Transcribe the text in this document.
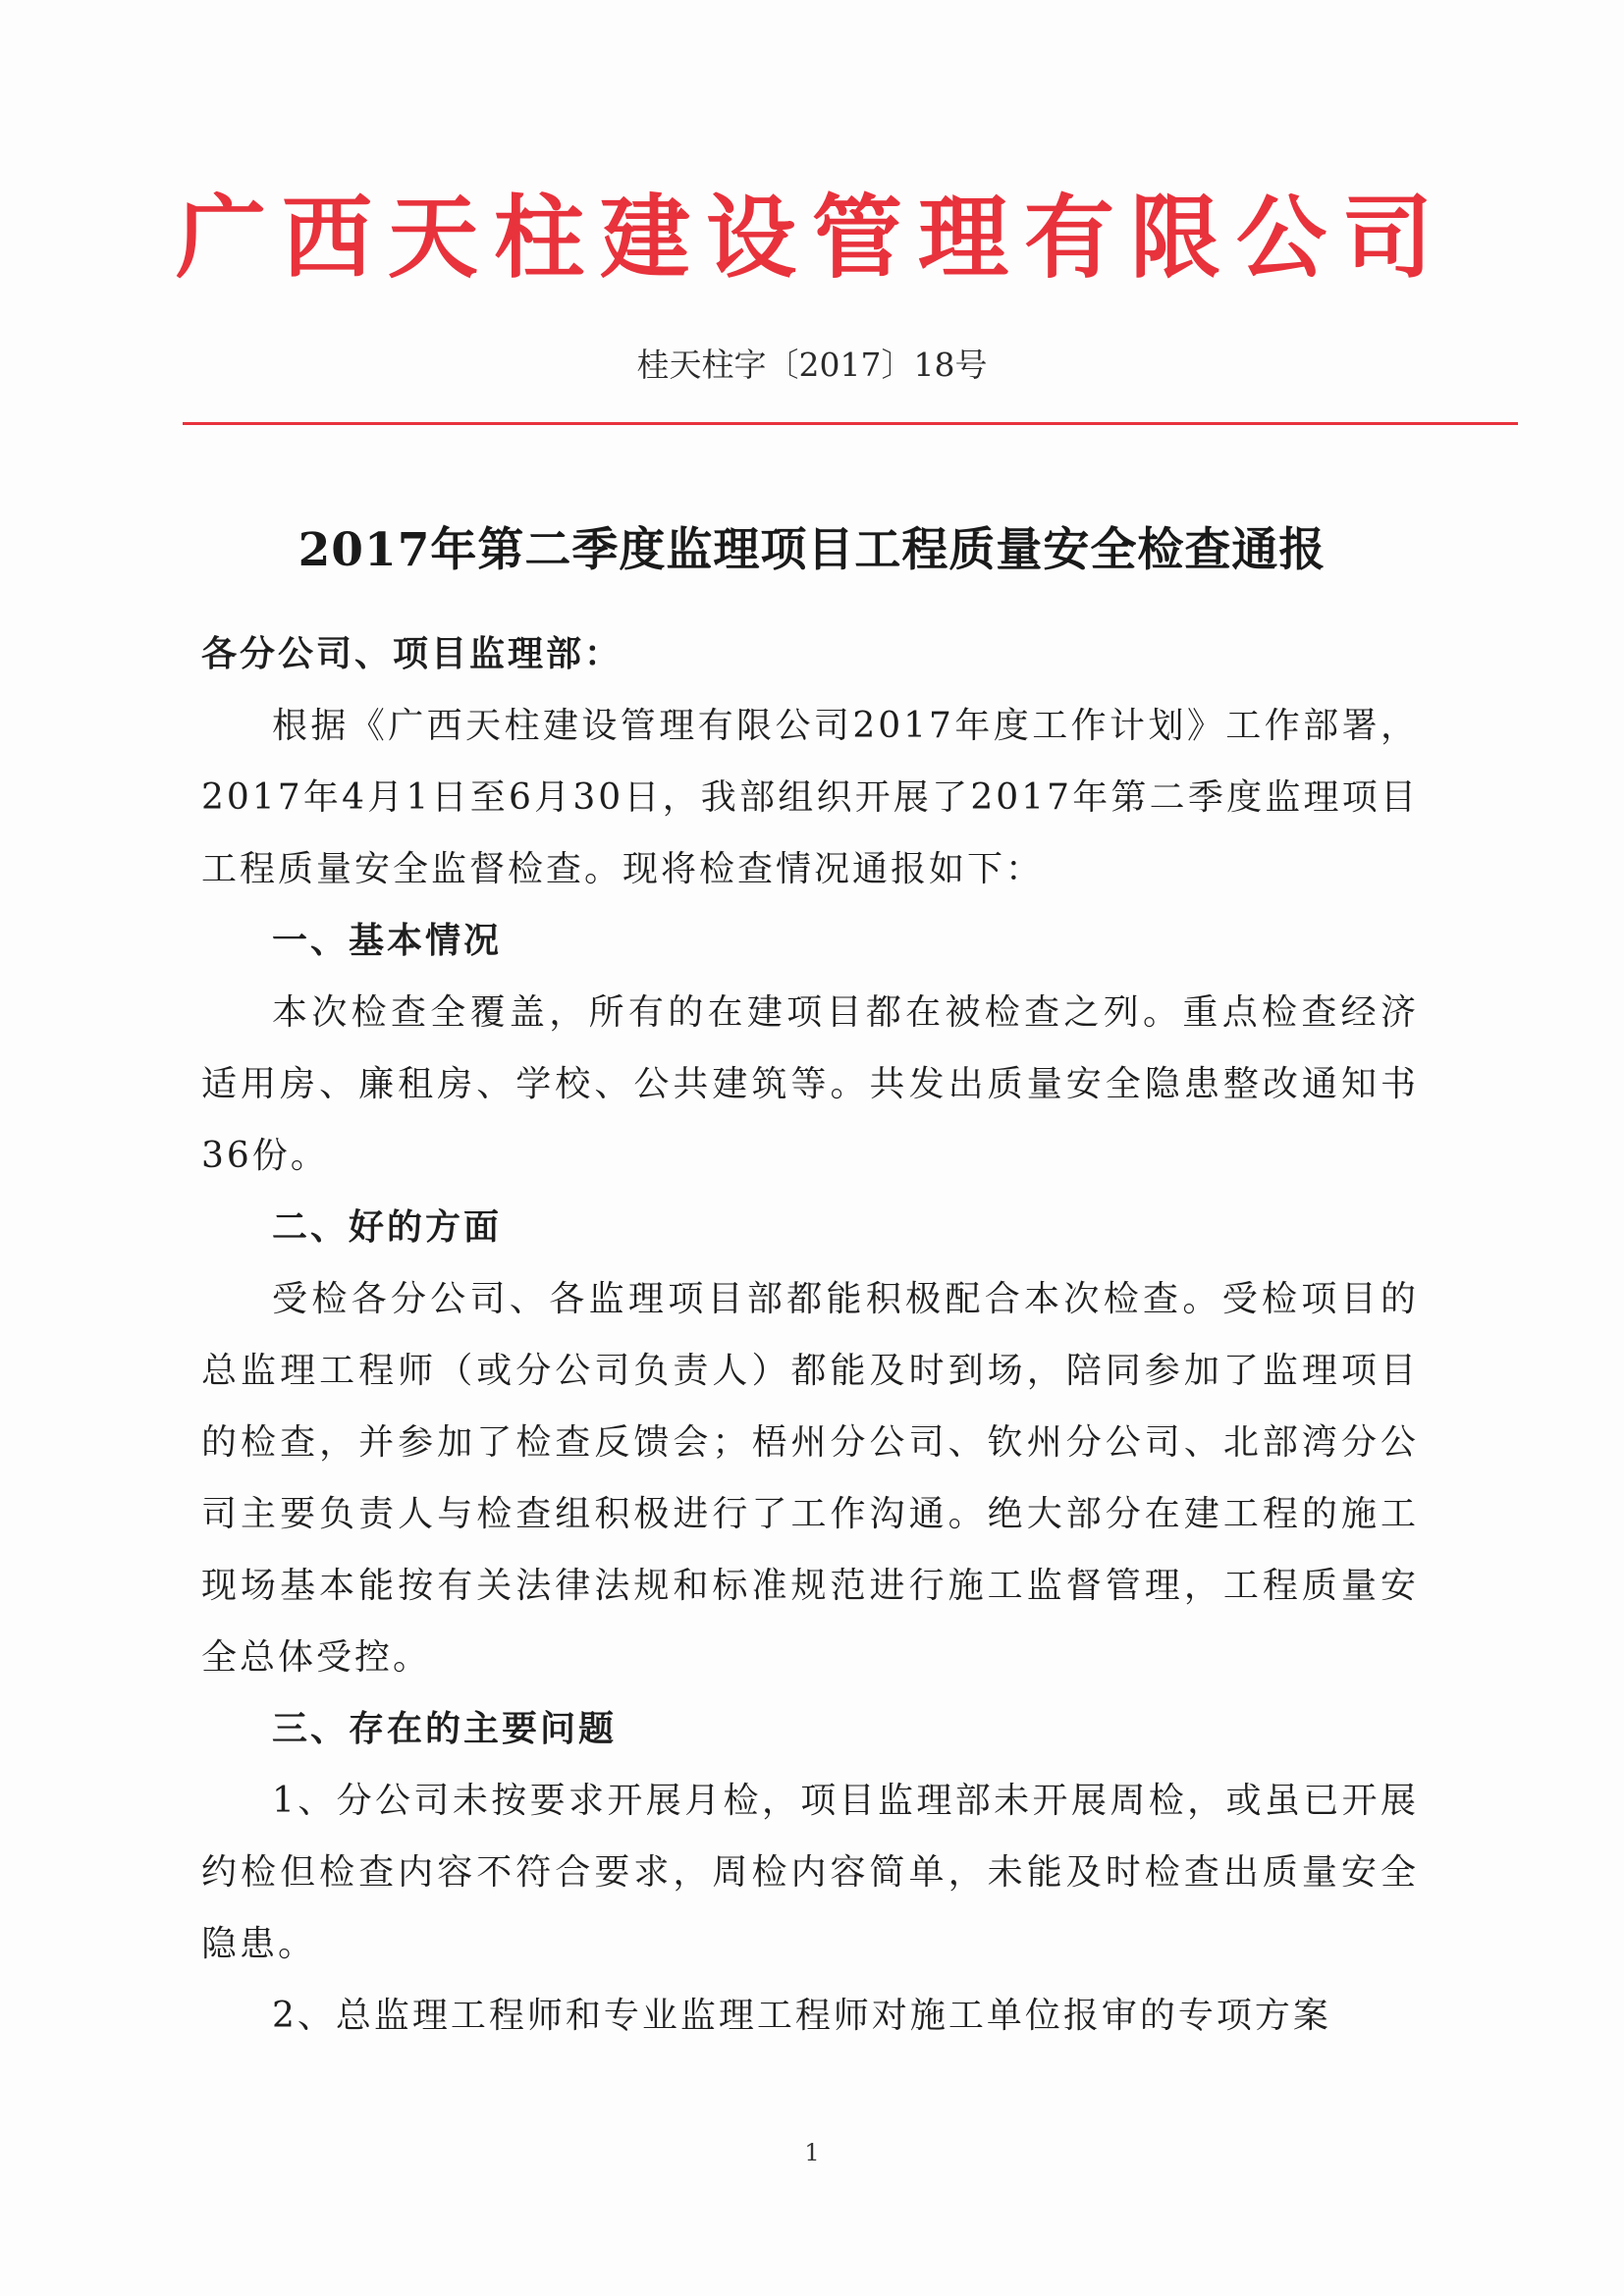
广西天柱建设管理有限公司
桂天柱字〔2017〕18号
2017年第二季度监理项目工程质量安全检查通报

各分公司、项目监理部：

根据《广西天柱建设管理有限公司2017年度工作计划》工作部署，2017年4月1日至6月30日，我部组织开展了2017年第二季度监理项目工程质量安全监督检查。现将检查情况通报如下：

一、基本情况

本次检查全覆盖，所有的在建项目都在被检查之列。重点检查经济适用房、廉租房、学校、公共建筑等。共发出质量安全隐患整改通知书36份。

二、好的方面

受检各分公司、各监理项目部都能积极配合本次检查。受检项目的总监理工程师（或分公司负责人）都能及时到场，陪同参加了监理项目的检查，并参加了检查反馈会；梧州分公司、钦州分公司、北部湾分公司主要负责人与检查组积极进行了工作沟通。绝大部分在建工程的施工现场基本能按有关法律法规和标准规范进行施工监督管理，工程质量安全总体受控。

三、存在的主要问题

1、分公司未按要求开展月检，项目监理部未开展周检，或虽已开展约检但检查内容不符合要求，周检内容简单，未能及时检查出质量安全隐患。

2、总监理工程师和专业监理工程师对施工单位报审的专项方案

1
